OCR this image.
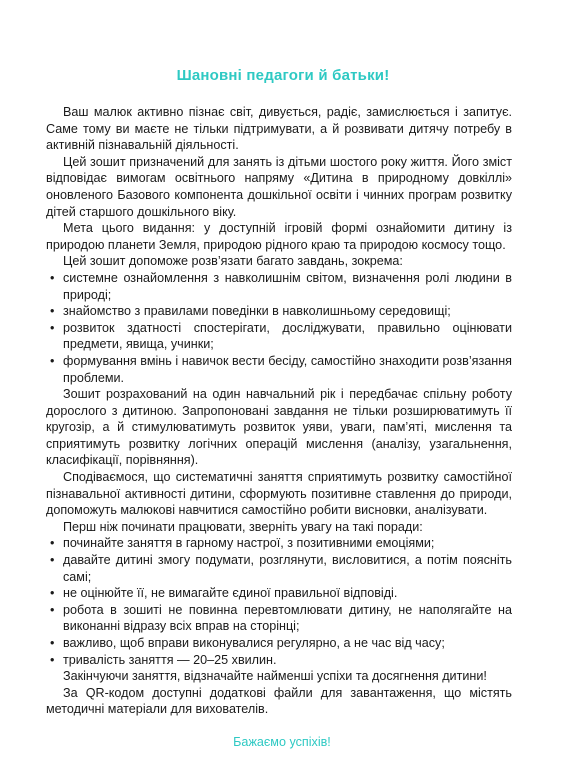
Шановні педагоги й батьки!

Ваш малюк активно пізнає світ, дивується, радіє, замислюється і запитує. Саме тому ви маєте не тільки підтримувати, а й розвивати дитячу потребу в активній пізнавальній діяльності.

Цей зошит призначений для занять із дітьми шостого року життя. Його зміст відповідає вимогам освітнього напряму «Дитина в природному довкіллі» оновленого Базового компонента дошкільної освіти і чинних програм розвитку дітей старшого дошкільного віку.

Мета цього видання: у доступній ігровій формі ознайомити дитину із природою планети Земля, природою рідного краю та природою космосу тощо.

Цей зошит допоможе розв’язати багато завдань, зокрема:

• системне ознайомлення з навколишнім світом, визначення ролі людини в природі;
• знайомство з правилами поведінки в навколишньому середовищі;
• розвиток здатності спостерігати, досліджувати, правильно оцінювати предмети, явища, учинки;
• формування вмінь і навичок вести бесіду, самостійно знаходити розв’язання проблеми.

Зошит розрахований на один навчальний рік і передбачає спільну роботу дорослого з дитиною. Запропоновані завдання не тільки розширюватимуть її кругозір, а й стимулюватимуть розвиток уяви, уваги, пам’яті, мислення та сприятимуть розвитку логічних операцій мислення (аналізу, узагальнення, класифікації, порівняння).

Сподіваємося, що систематичні заняття сприятимуть розвитку самостійної пізнавальної активності дитини, сформують позитивне ставлення до природи, допоможуть малюкові навчитися самостійно робити висновки, аналізувати.

Перш ніж починати працювати, зверніть увагу на такі поради:

• починайте заняття в гарному настрої, з позитивними емоціями;
• давайте дитині змогу подумати, розглянути, висловитися, а потім поясніть самі;
• не оцінюйте її, не вимагайте єдиної правильної відповіді.
• робота в зошиті не повинна перевтомлювати дитину, не наполягайте на виконанні відразу всіх вправ на сторінці;
• важливо, щоб вправи виконувалися регулярно, а не час від часу;
• тривалість заняття — 20–25 хвилин.

Закінчуючи заняття, відзначайте найменші успіхи та досягнення дитини!

За QR-кодом доступні додаткові файли для завантаження, що містять методичні матеріали для вихователів.

Бажаємо успіхів!
